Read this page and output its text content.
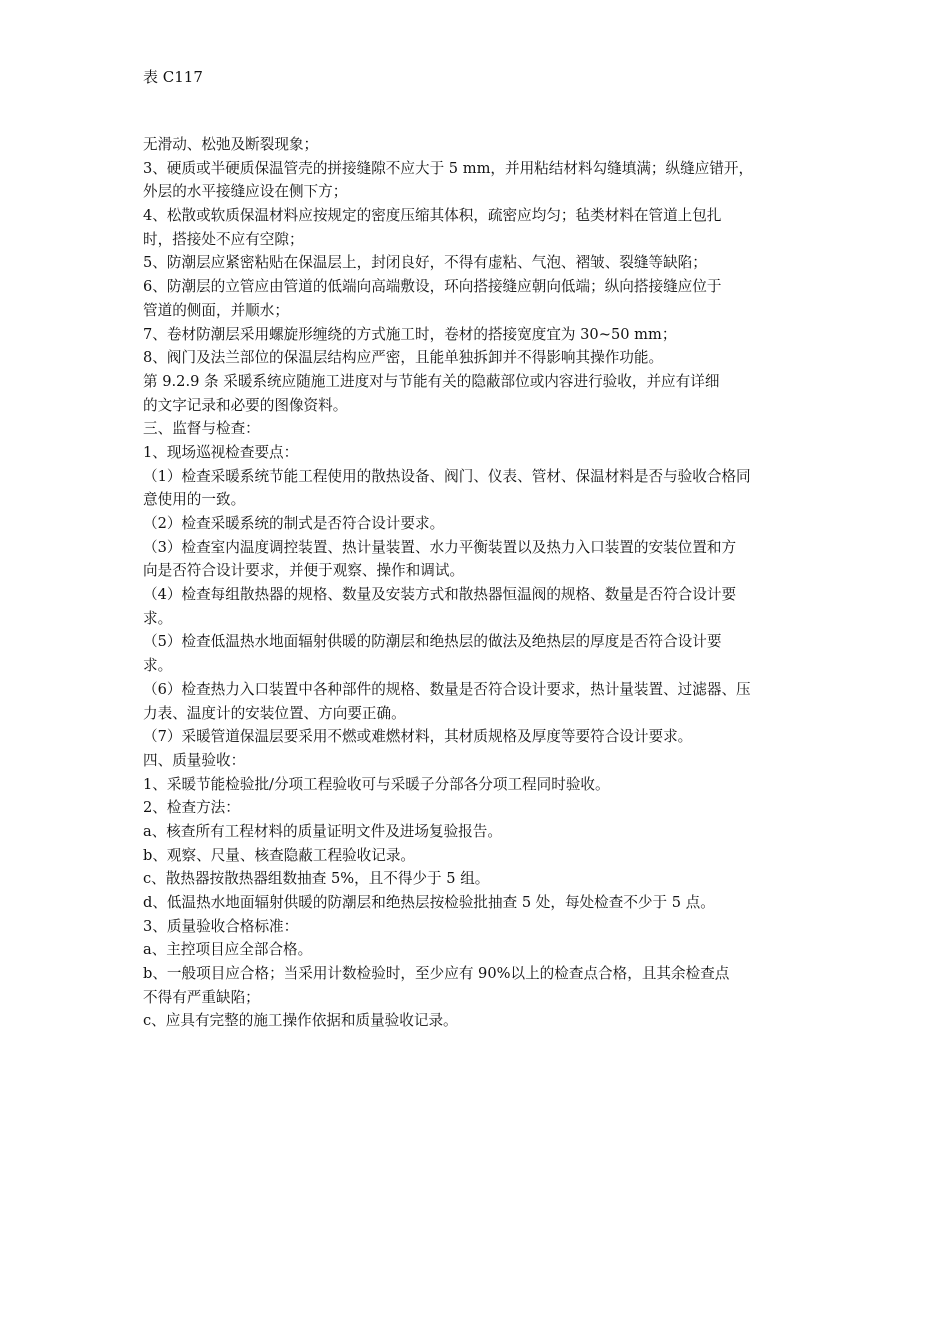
表 C117
无滑动、松弛及断裂现象；
3、硬质或半硬质保温管壳的拼接缝隙不应大于 5 mm，并用粘结材料勾缝填满；纵缝应错开，
外层的水平接缝应设在侧下方；
4、松散或软质保温材料应按规定的密度压缩其体积，疏密应均匀；毡类材料在管道上包扎
时，搭接处不应有空隙；
5、防潮层应紧密粘贴在保温层上，封闭良好，不得有虚粘、气泡、褶皱、裂缝等缺陷；
6、防潮层的立管应由管道的低端向高端敷设，环向搭接缝应朝向低端；纵向搭接缝应位于
管道的侧面，并顺水；
7、卷材防潮层采用螺旋形缠绕的方式施工时，卷材的搭接宽度宜为 30~50 mm；
8、阀门及法兰部位的保温层结构应严密，且能单独拆卸并不得影响其操作功能。
第 9.2.9 条 采暖系统应随施工进度对与节能有关的隐蔽部位或内容进行验收，并应有详细
的文字记录和必要的图像资料。
三、监督与检查：
1、现场巡视检查要点：
（1）检查采暖系统节能工程使用的散热设备、阀门、仪表、管材、保温材料是否与验收合格同
意使用的一致。
（2）检查采暖系统的制式是否符合设计要求。
（3）检查室内温度调控装置、热计量装置、水力平衡装置以及热力入口装置的安装位置和方
向是否符合设计要求，并便于观察、操作和调试。
（4）检查每组散热器的规格、数量及安装方式和散热器恒温阀的规格、数量是否符合设计要
求。
（5）检查低温热水地面辐射供暖的防潮层和绝热层的做法及绝热层的厚度是否符合设计要
求。
（6）检查热力入口装置中各种部件的规格、数量是否符合设计要求，热计量装置、过滤器、压
力表、温度计的安装位置、方向要正确。
（7）采暖管道保温层要采用不燃或难燃材料，其材质规格及厚度等要符合设计要求。
四、质量验收：
1、采暖节能检验批/分项工程验收可与采暖子分部各分项工程同时验收。
2、检查方法：
a、核查所有工程材料的质量证明文件及进场复验报告。
b、观察、尺量、核查隐蔽工程验收记录。
c、散热器按散热器组数抽查 5%，且不得少于 5 组。
d、低温热水地面辐射供暖的防潮层和绝热层按检验批抽查 5 处，每处检查不少于 5 点。
3、质量验收合格标准：
a、主控项目应全部合格。
b、一般项目应合格；当采用计数检验时，至少应有 90%以上的检查点合格，且其余检查点
不得有严重缺陷；
c、应具有完整的施工操作依据和质量验收记录。
